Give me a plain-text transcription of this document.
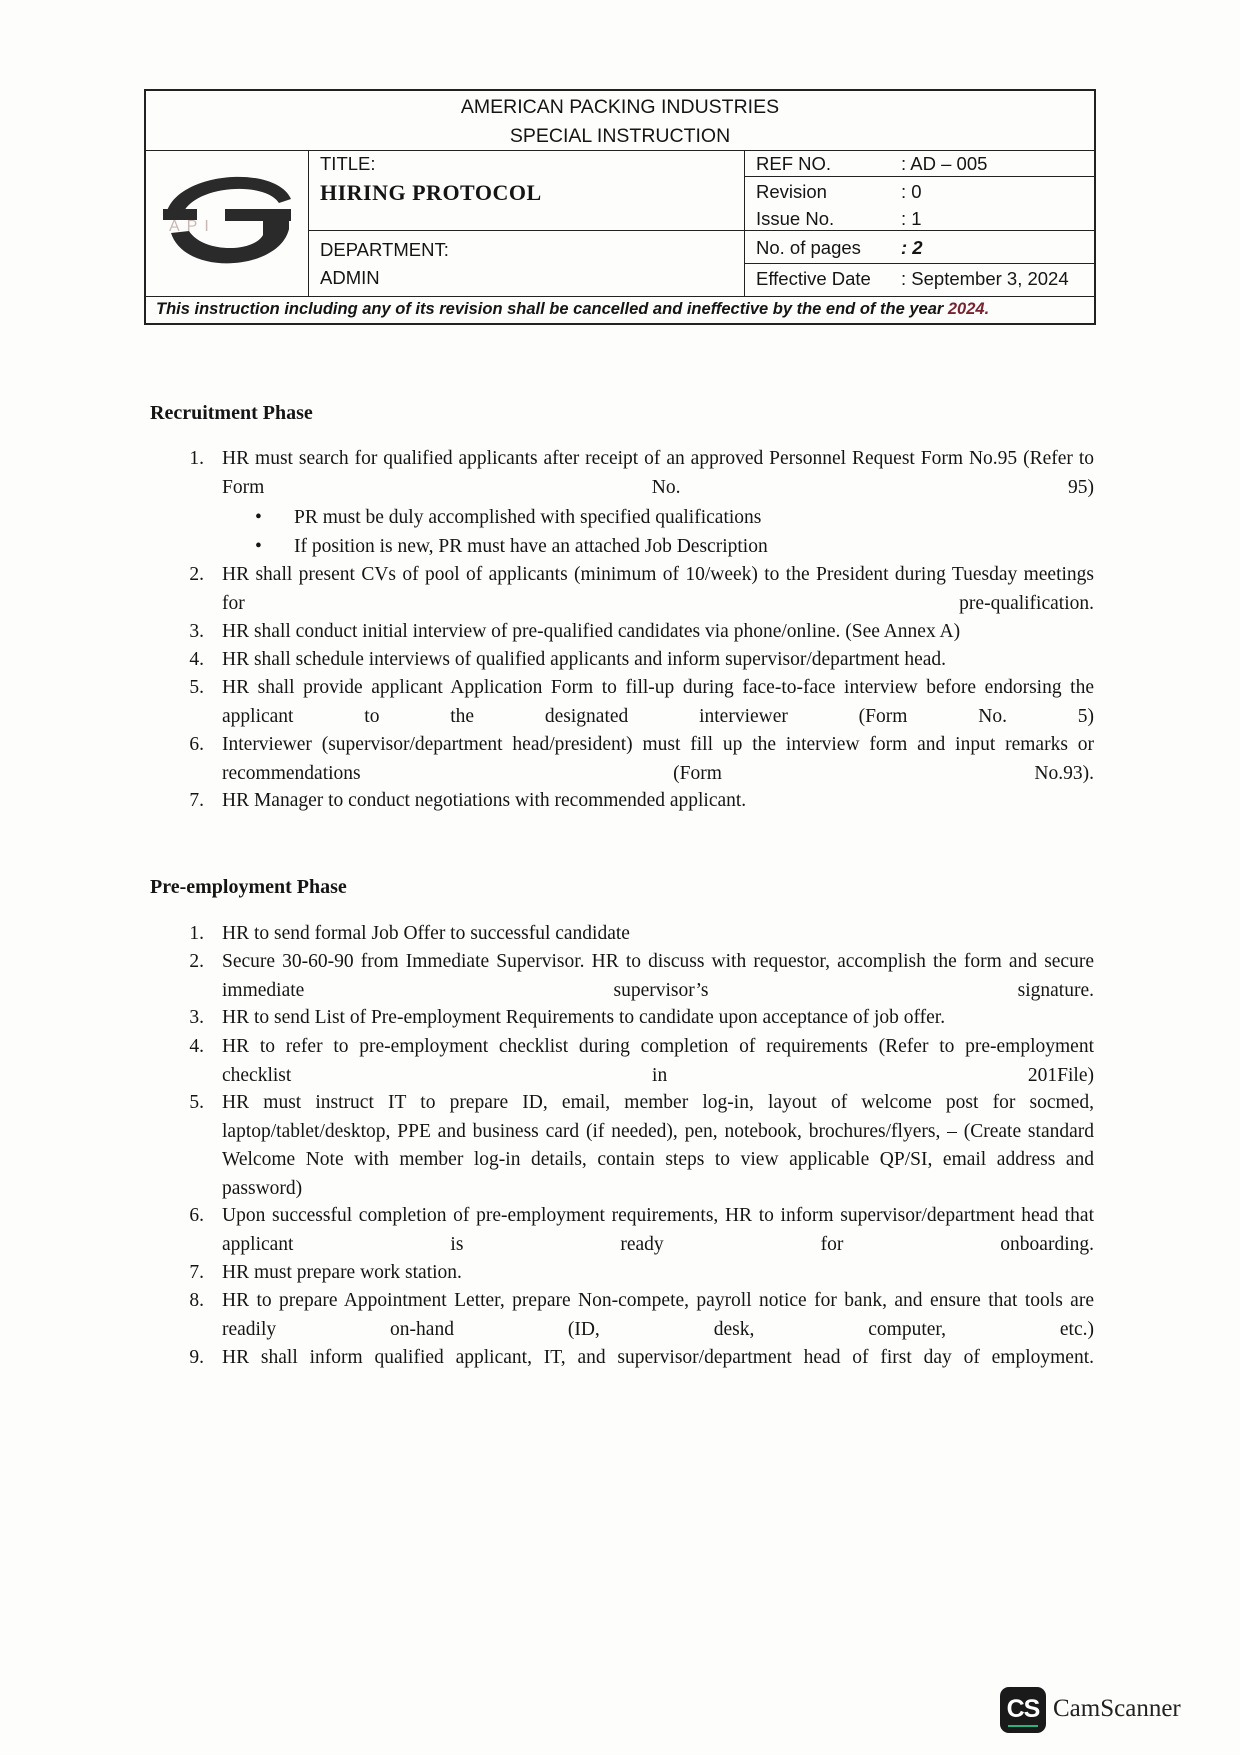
AMERICAN PACKING INDUSTRIES
SPECIAL INSTRUCTION
API
TITLE:
HIRING PROTOCOL
DEPARTMENT:
ADMIN
REF NO.	: AD – 005
Revision	: 0
Issue No.	: 1
No. of pages : 2
Effective Date : September 3, 2024
This instruction including any of its revision shall be cancelled and ineffective by the end of the year 2024.
Recruitment Phase
1. HR must search for qualified applicants after receipt of an approved Personnel Request Form No.95 (Refer to Form No. 95)
• PR must be duly accomplished with specified qualifications
• If position is new, PR must have an attached Job Description
2. HR shall present CVs of pool of applicants (minimum of 10/week) to the President during Tuesday meetings for pre-qualification.
3. HR shall conduct initial interview of pre-qualified candidates via phone/online. (See Annex A)
4. HR shall schedule interviews of qualified applicants and inform supervisor/department head.
5. HR shall provide applicant Application Form to fill-up during face-to-face interview before endorsing the applicant to the designated interviewer (Form No. 5)
6. Interviewer (supervisor/department head/president) must fill up the interview form and input remarks or recommendations (Form No.93).
7. HR Manager to conduct negotiations with recommended applicant.
Pre-employment Phase
1. HR to send formal Job Offer to successful candidate
2. Secure 30-60-90 from Immediate Supervisor. HR to discuss with requestor, accomplish the form and secure immediate supervisor’s signature.
3. HR to send List of Pre-employment Requirements to candidate upon acceptance of job offer.
4. HR to refer to pre-employment checklist during completion of requirements (Refer to pre-employment checklist in 201File)
5. HR must instruct IT to prepare ID, email, member log-in, layout of welcome post for socmed, laptop/tablet/desktop, PPE and business card (if needed), pen, notebook, brochures/flyers, – (Create standard Welcome Note with member log-in details, contain steps to view applicable QP/SI, email address and password)
6. Upon successful completion of pre-employment requirements, HR to inform supervisor/department head that applicant is ready for onboarding.
7. HR must prepare work station.
8. HR to prepare Appointment Letter, prepare Non-compete, payroll notice for bank, and ensure that tools are readily on-hand (ID, desk, computer, etc.)
9. HR shall inform qualified applicant, IT, and supervisor/department head of first day of employment.
CS CamScanner
